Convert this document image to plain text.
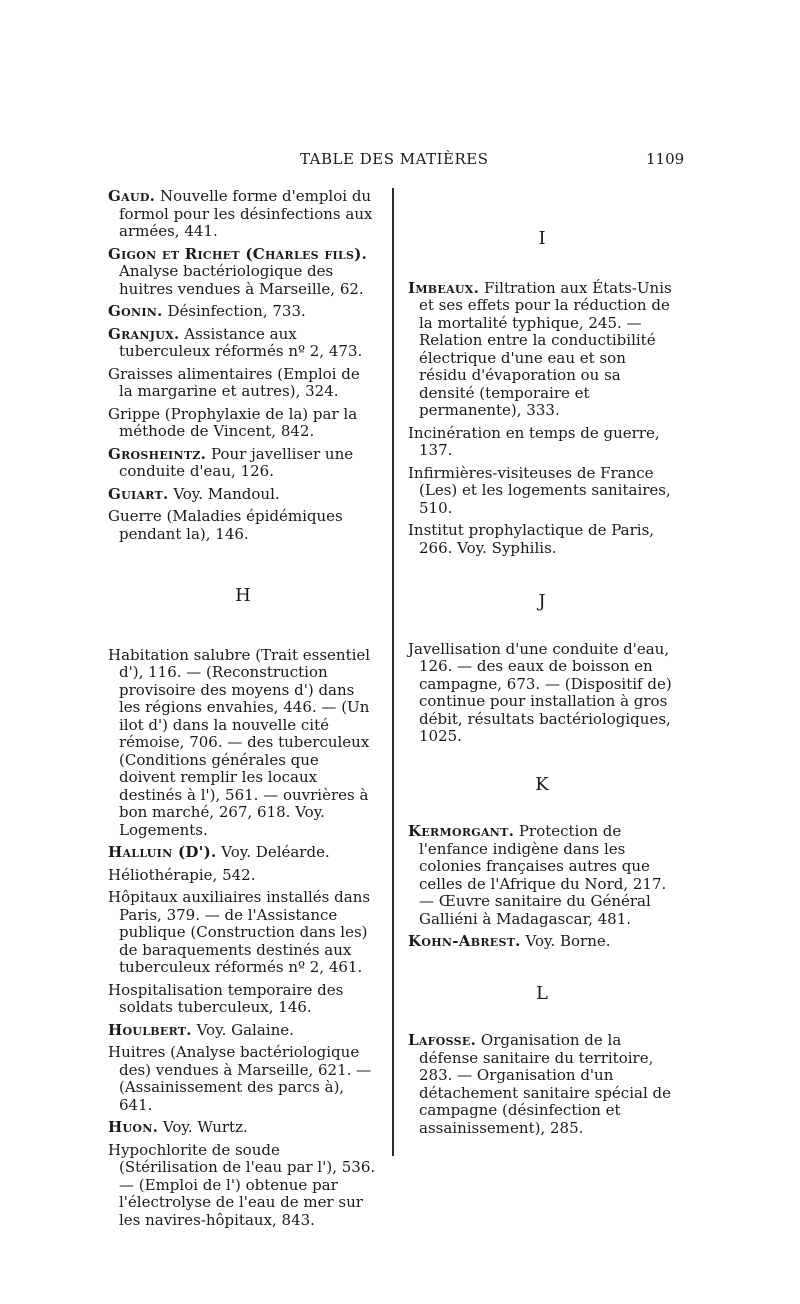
TABLE DES MATIÈRES	1109
Gaud. Nouvelle forme d'emploi du formol pour les désinfections aux armées, 441.
Gigon et Richet (Charles fils). Analyse bactériologique des huitres vendues à Marseille, 62.
Gonin. Désinfection, 733.
Granjux. Assistance aux tuberculeux réformés nº 2, 473.
Graisses alimentaires (Emploi de la margarine et autres), 324.
Grippe (Prophylaxie de la) par la méthode de Vincent, 842.
Grosheintz. Pour javelliser une conduite d'eau, 126.
Guiart. Voy. Mandoul.
Guerre (Maladies épidémiques pendant la), 146.
H
Habitation salubre (Trait essentiel d'), 116. — (Reconstruction provisoire des moyens d') dans les régions envahies, 446. — (Un ilot d') dans la nouvelle cité rémoise, 706. — des tuberculeux (Conditions générales que doivent remplir les locaux destinés à l'), 561. — ouvrières à bon marché, 267, 618. Voy. Logements.
Halluin (D'). Voy. Deléarde.
Héliothérapie, 542.
Hôpitaux auxiliaires installés dans Paris, 379. — de l'Assistance publique (Construction dans les) de baraquements destinés aux tuberculeux réformés nº 2, 461.
Hospitalisation temporaire des soldats tuberculeux, 146.
Houlbert. Voy. Galaine.
Huitres (Analyse bactériologique des) vendues à Marseille, 621. — (Assainissement des parcs à), 641.
Huon. Voy. Wurtz.
Hypochlorite de soude (Stérilisation de l'eau par l'), 536. — (Emploi de l') obtenue par l'électrolyse de l'eau de mer sur les navires-hôpitaux, 843.
I
Imbeaux. Filtration aux États-Unis et ses effets pour la réduction de la mortalité typhique, 245. — Relation entre la conductibilité électrique d'une eau et son résidu d'évaporation ou sa densité (temporaire et permanente), 333.
Incinération en temps de guerre, 137.
Infirmières-visiteuses de France (Les) et les logements sanitaires, 510.
Institut prophylactique de Paris, 266. Voy. Syphilis.
J
Javellisation d'une conduite d'eau, 126. — des eaux de boisson en campagne, 673. — (Dispositif de) continue pour installation à gros débit, résultats bactériologiques, 1025.
K
Kermorgant. Protection de l'enfance indigène dans les colonies françaises autres que celles de l'Afrique du Nord, 217. — Œuvre sanitaire du Général Galliéni à Madagascar, 481.
Kohn-Abrest. Voy. Borne.
L
Lafosse. Organisation de la défense sanitaire du territoire, 283. — Organisation d'un détachement sanitaire spécial de campagne (désinfection et assainissement), 285.
